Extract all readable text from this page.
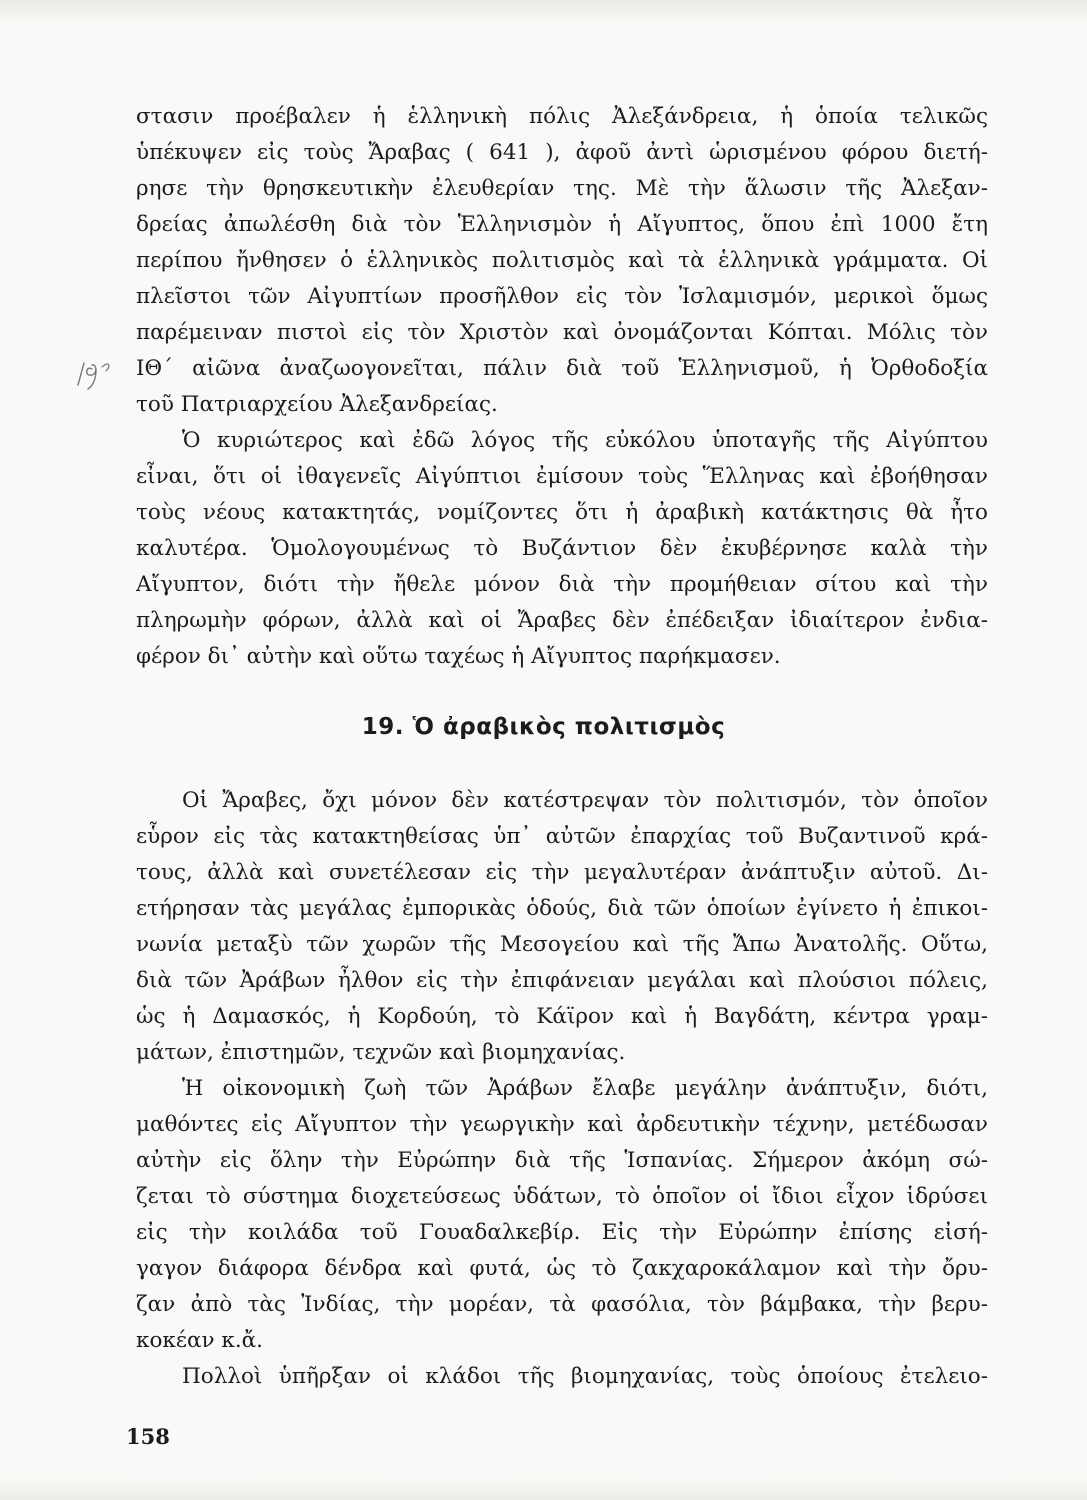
στασιν προέβαλεν ἡ ἑλληνικὴ πόλις Ἀλεξάνδρεια, ἡ ὁποία τελικῶς
ὑπέκυψεν εἰς τοὺς Ἄραβας ( 641 ), ἀφοῦ ἀντὶ ὡρισμένου φόρου διετή-
ρησε τὴν θρησκευτικὴν ἐλευθερίαν της. Μὲ τὴν ἅλωσιν τῆς Ἀλεξαν-
δρείας ἀπωλέσθη διὰ τὸν Ἑλληνισμὸν ἡ Αἴγυπτος, ὅπου ἐπὶ 1000 ἔτη
περίπου ἤνθησεν ὁ ἑλληνικὸς πολιτισμὸς καὶ τὰ ἑλληνικὰ γράμματα. Οἱ
πλεῖστοι τῶν Αἰγυπτίων προσῆλθον εἰς τὸν Ἰσλαμισμόν, μερικοὶ ὅμως
παρέμειναν πιστοὶ εἰς τὸν Χριστὸν καὶ ὀνομάζονται Κόπται. Μόλις τὸν
ΙΘ´ αἰῶνα ἀναζωογονεῖται, πάλιν διὰ τοῦ Ἑλληνισμοῦ, ἡ Ὀρθοδοξία
τοῦ Πατριαρχείου Ἀλεξανδρείας.
Ὁ κυριώτερος καὶ ἐδῶ λόγος τῆς εὐκόλου ὑποταγῆς τῆς Αἰγύπτου
εἶναι, ὅτι οἱ ἰθαγενεῖς Αἰγύπτιοι ἐμίσουν τοὺς Ἕλληνας καὶ ἐβοήθησαν
τοὺς νέους κατακτητάς, νομίζοντες ὅτι ἡ ἀραβικὴ κατάκτησις θὰ ἦτο
καλυτέρα. Ὁμολογουμένως τὸ Βυζάντιον δὲν ἐκυβέρνησε καλὰ τὴν
Αἴγυπτον, διότι τὴν ἤθελε μόνον διὰ τὴν προμήθειαν σίτου καὶ τὴν
πληρωμὴν φόρων, ἀλλὰ καὶ οἱ Ἄραβες δὲν ἐπέδειξαν ἰδιαίτερον ἐνδια-
φέρον δι᾽ αὐτὴν καὶ οὕτω ταχέως ἡ Αἴγυπτος παρήκμασεν.
19. Ὁ ἀραβικὸς πολιτισμὸς
Οἱ Ἄραβες, ὄχι μόνον δὲν κατέστρεψαν τὸν πολιτισμόν, τὸν ὁποῖον
εὗρον εἰς τὰς κατακτηθείσας ὑπ᾽ αὐτῶν ἐπαρχίας τοῦ Βυζαντινοῦ κρά-
τους, ἀλλὰ καὶ συνετέλεσαν εἰς τὴν μεγαλυτέραν ἀνάπτυξιν αὐτοῦ. Δι-
ετήρησαν τὰς μεγάλας ἐμπορικὰς ὁδούς, διὰ τῶν ὁποίων ἐγίνετο ἡ ἐπικοι-
νωνία μεταξὺ τῶν χωρῶν τῆς Μεσογείου καὶ τῆς Ἄπω Ἀνατολῆς. Οὕτω,
διὰ τῶν Ἀράβων ἦλθον εἰς τὴν ἐπιφάνειαν μεγάλαι καὶ πλούσιοι πόλεις,
ὡς ἡ Δαμασκός, ἡ Κορδούη, τὸ Κάϊρον καὶ ἡ Βαγδάτη, κέντρα γραμ-
μάτων, ἐπιστημῶν, τεχνῶν καὶ βιομηχανίας.
Ἡ οἰκονομικὴ ζωὴ τῶν Ἀράβων ἔλαβε μεγάλην ἀνάπτυξιν, διότι,
μαθόντες εἰς Αἴγυπτον τὴν γεωργικὴν καὶ ἀρδευτικὴν τέχνην, μετέδωσαν
αὐτὴν εἰς ὅλην τὴν Εὐρώπην διὰ τῆς Ἱσπανίας. Σήμερον ἀκόμη σώ-
ζεται τὸ σύστημα διοχετεύσεως ὑδάτων, τὸ ὁποῖον οἱ ἴδιοι εἶχον ἱδρύσει
εἰς τὴν κοιλάδα τοῦ Γουαδαλκεβίρ. Εἰς τὴν Εὐρώπην ἐπίσης εἰσή-
γαγον διάφορα δένδρα καὶ φυτά, ὡς τὸ ζακχαροκάλαμον καὶ τὴν ὄρυ-
ζαν ἀπὸ τὰς Ἰνδίας, τὴν μορέαν, τὰ φασόλια, τὸν βάμβακα, τὴν βερυ-
κοκέαν κ.ἄ.
Πολλοὶ ὑπῆρξαν οἱ κλάδοι τῆς βιομηχανίας, τοὺς ὁποίους ἐτελειο-
158
